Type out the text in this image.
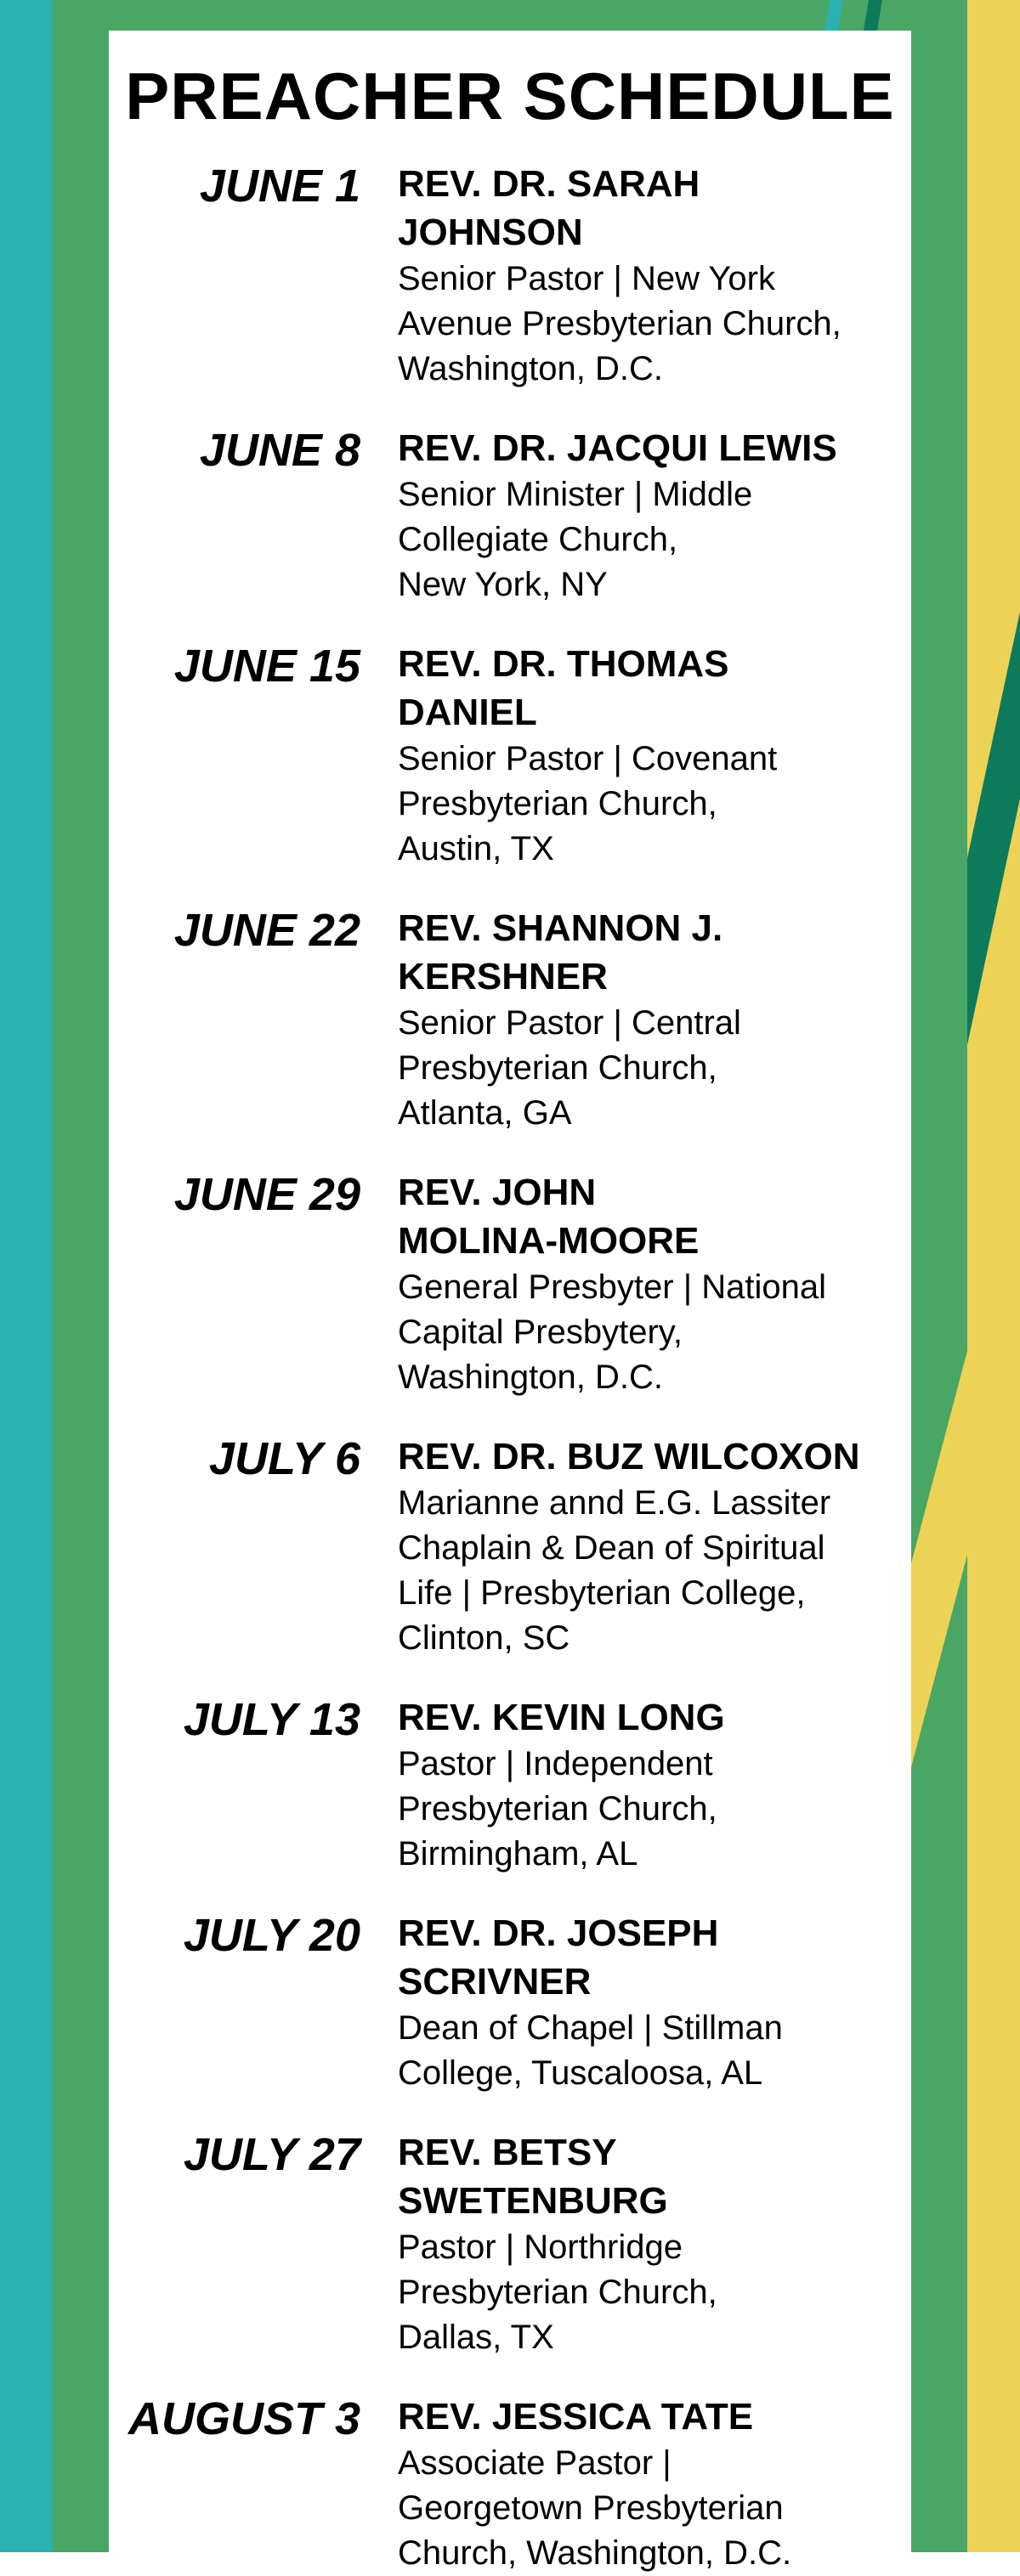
PREACHER SCHEDULE
JUNE 1 REV. DR. SARAH
JOHNSON
Senior Pastor | New York
Avenue Presbyterian Church,
Washington, D.C.
JUNE 8 REV. DR. JACQUI LEWIS
Senior Minister | Middle
Collegiate Church,
New York, NY
JUNE 15 REV. DR. THOMAS
DANIEL
Senior Pastor | Covenant
Presbyterian Church,
Austin, TX
JUNE 22 REV. SHANNON J.
KERSHNER
Senior Pastor | Central
Presbyterian Church,
Atlanta, GA
JUNE 29 REV. JOHN
MOLINA-MOORE
General Presbyter | National
Capital Presbytery,
Washington, D.C.
JULY 6 REV. DR. BUZ WILCOXON
Marianne annd E.G. Lassiter
Chaplain & Dean of Spiritual
Life | Presbyterian College,
Clinton, SC
JULY 13 REV. KEVIN LONG
Pastor | Independent
Presbyterian Church,
Birmingham, AL
JULY 20 REV. DR. JOSEPH
SCRIVNER
Dean of Chapel | Stillman
College, Tuscaloosa, AL
JULY 27 REV. BETSY
SWETENBURG
Pastor | Northridge
Presbyterian Church,
Dallas, TX
AUGUST 3 REV. JESSICA TATE
Associate Pastor |
Georgetown Presbyterian
Church, Washington, D.C.
